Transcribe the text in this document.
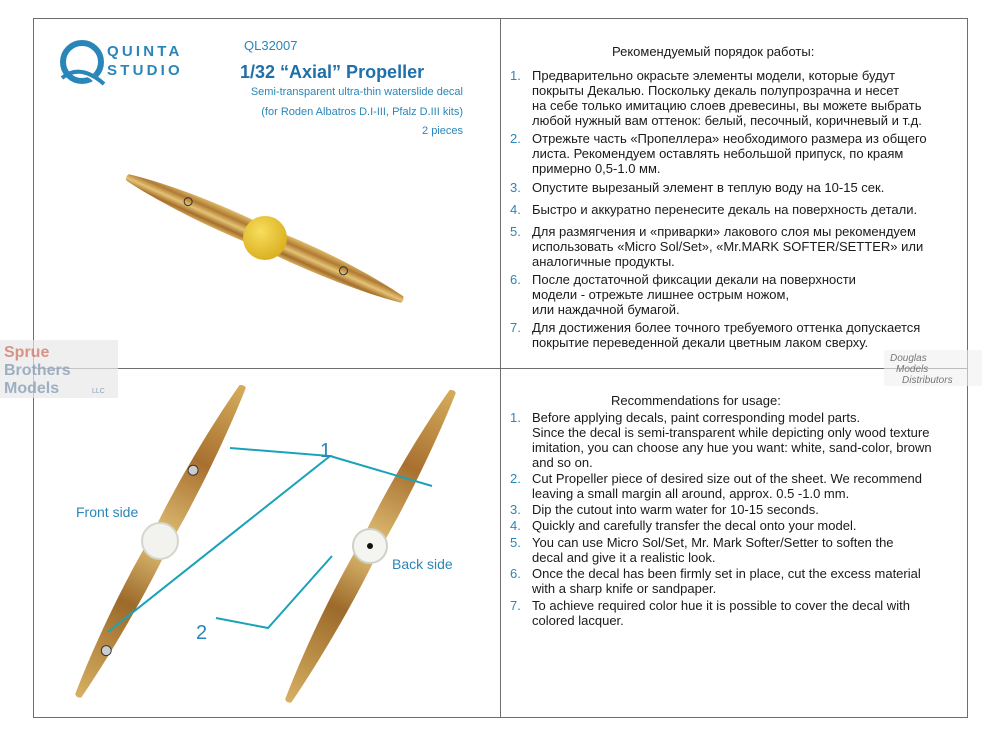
QUINTA
STUDIO
QL32007
1/32 “Axial” Propeller
Semi-transparent ultra-thin waterslide decal
(for Roden Albatros D.I-III, Pfalz D.III kits)
2 pieces
1
2
Front side
Back side
Рекомендуемый порядок работы:
1. Предварительно окрасьте элементы модели, которые будут
покрыты Декалью. Поскольку декаль полупрозрачна и несет
на себе только имитацию слоев древесины, вы можете выбрать
любой нужный вам оттенок: белый, песочный, коричневый и т.д.
2. Отрежьте часть «Пропеллера» необходимого размера из общего
листа. Рекомендуем оставлять небольшой припуск, по краям
примерно 0,5-1.0 мм.
3. Опустите вырезаный элемент в теплую воду на 10-15 сек.
4. Быстро и аккуратно перенесите декаль на поверхность детали.
5. Для размягчения и «приварки» лакового слоя мы рекомендуем
использовать «Micro Sol/Set», «Mr.MARK SOFTER/SETTER» или
аналогичные продукты.
6. После достаточной фиксации декали на поверхности
модели - отрежьте лишнее острым ножом,
или наждачной бумагой.
7. Для достижения более точного требуемого оттенка допускается
покрытие переведенной декали цветным лаком сверху.
Recommendations for usage:
1. Before applying decals, paint corresponding model parts.
Since the decal is semi-transparent while depicting only wood texture
imitation, you can choose any hue you want: white, sand-color, brown
and so on.
2. Cut Propeller piece of desired size out of the sheet. We recommend
leaving a small margin all around, approx. 0.5 -1.0 mm.
3. Dip the cutout into warm water for 10-15 seconds.
4. Quickly and carefully transfer the decal onto your model.
5. You can use Micro Sol/Set, Mr. Mark Softer/Setter to soften the
decal and give it a realistic look.
6. Once the decal has been firmly set in place, cut the excess material
with a sharp knife or sandpaper.
7. To achieve required color hue it is possible to cover the decal with
colored lacquer.
Sprue
Brothers
Models	LLC
Douglas
Models
Distributors
